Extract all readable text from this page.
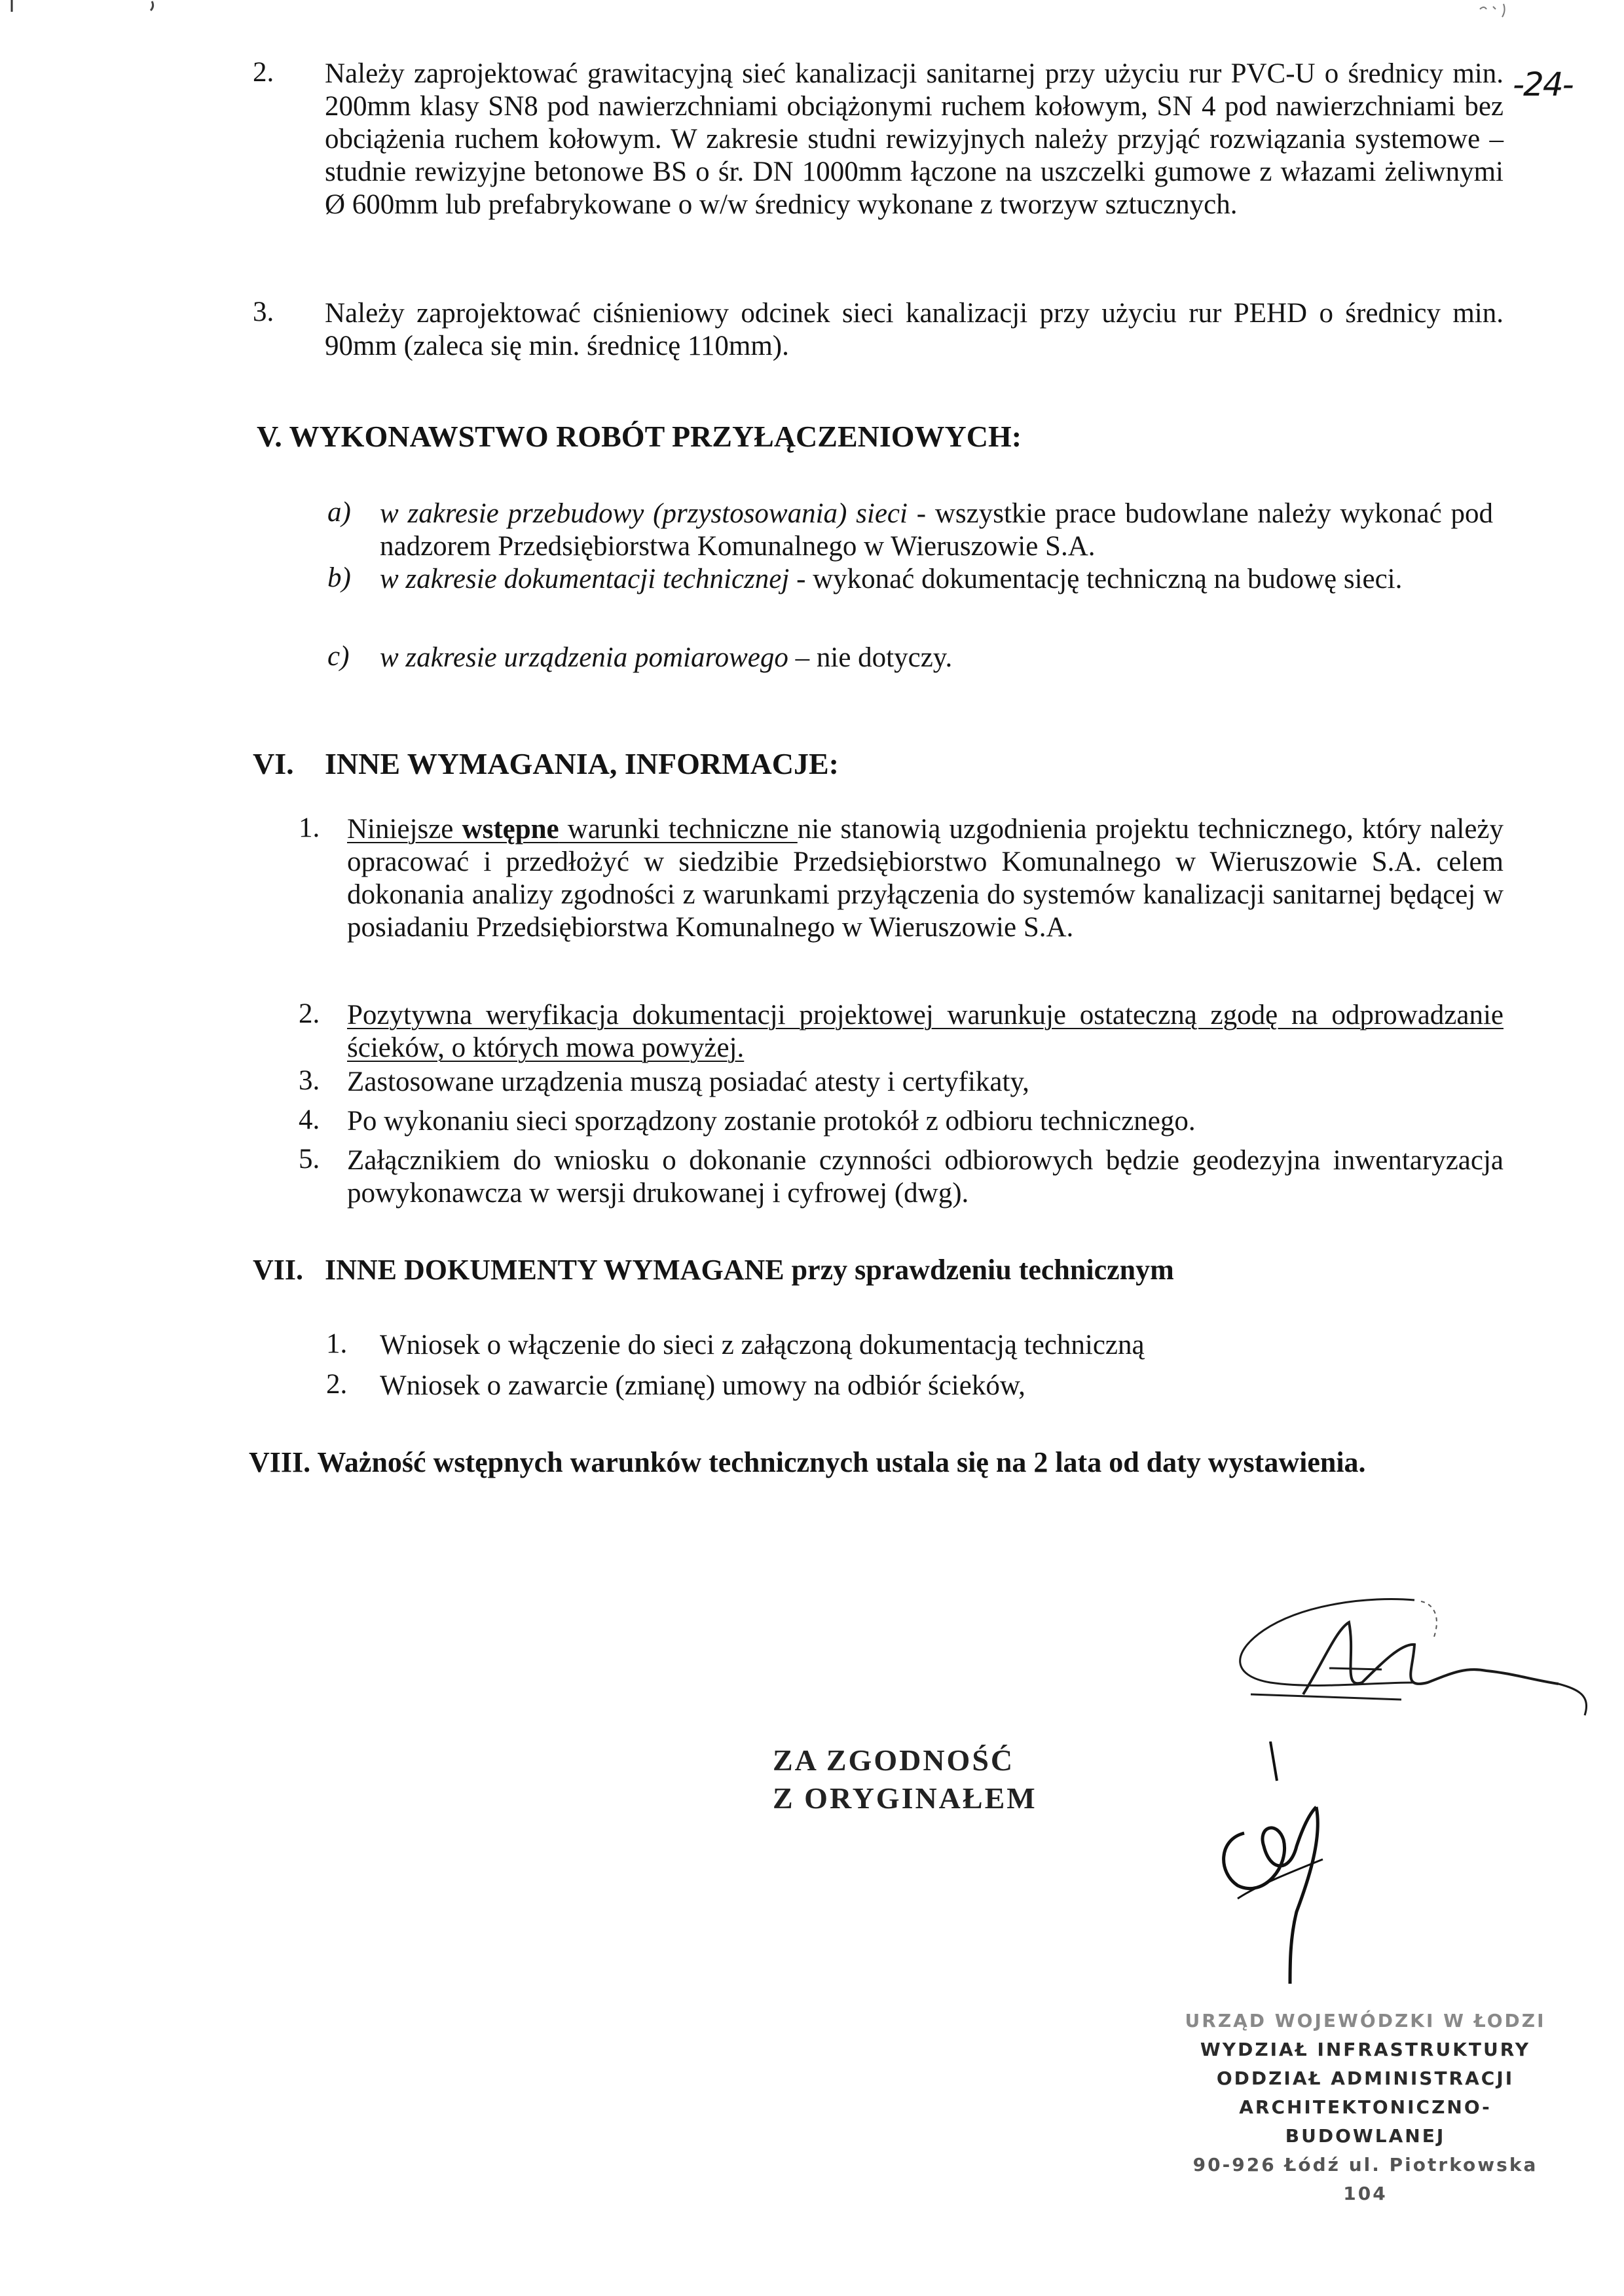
-24-
2. Należy zaprojektować grawitacyjną sieć kanalizacji sanitarnej przy użyciu rur PVC-U o średnicy min. 200mm klasy SN8 pod nawierzchniami obciążonymi ruchem kołowym, SN 4 pod nawierzchniami bez obciążenia ruchem kołowym. W zakresie studni rewizyjnych należy przyjąć rozwiązania systemowe – studnie rewizyjne betonowe BS o śr. DN 1000mm łączone na uszczelki gumowe z włazami żeliwnymi Ø 600mm lub prefabrykowane o w/w średnicy wykonane z tworzyw sztucznych.
3. Należy zaprojektować ciśnieniowy odcinek sieci kanalizacji przy użyciu rur PEHD o średnicy min. 90mm (zaleca się min. średnicę 110mm).
V. WYKONAWSTWO ROBÓT PRZYŁĄCZENIOWYCH:
a) w zakresie przebudowy (przystosowania) sieci - wszystkie prace budowlane należy wykonać pod nadzorem Przedsiębiorstwa Komunalnego w Wieruszowie S.A.
b) w zakresie dokumentacji technicznej - wykonać dokumentację techniczną na budowę sieci.
c) w zakresie urządzenia pomiarowego – nie dotyczy.
VI. INNE WYMAGANIA, INFORMACJE:
1. Niniejsze wstępne warunki techniczne nie stanowią uzgodnienia projektu technicznego, który należy opracować i przedłożyć w siedzibie Przedsiębiorstwo Komunalnego w Wieruszowie S.A. celem dokonania analizy zgodności z warunkami przyłączenia do systemów kanalizacji sanitarnej będącej w posiadaniu Przedsiębiorstwa Komunalnego w Wieruszowie S.A.
2. Pozytywna weryfikacja dokumentacji projektowej warunkuje ostateczną zgodę na odprowadzanie ścieków, o których mowa powyżej.
3. Zastosowane urządzenia muszą posiadać atesty i certyfikaty,
4. Po wykonaniu sieci sporządzony zostanie protokół z odbioru technicznego.
5. Załącznikiem do wniosku o dokonanie czynności odbiorowych będzie geodezyjna inwentaryzacja powykonawcza w wersji drukowanej i cyfrowej (dwg).
VII. INNE DOKUMENTY WYMAGANE przy sprawdzeniu technicznym
1. Wniosek o włączenie do sieci z załączoną dokumentacją techniczną
2. Wniosek o zawarcie (zmianę) umowy na odbiór ścieków,
VIII. Ważność wstępnych warunków technicznych ustala się na 2 lata od daty wystawienia.
ZA ZGODNOŚĆ
Z ORYGINAŁEM
URZĄD WOJEWÓDZKI W ŁODZI
WYDZIAŁ INFRASTRUKTURY
ODDZIAŁ ADMINISTRACJI
ARCHITEKTONICZNO-BUDOWLANEJ
90-926 Łódź ul. Piotrkowska 104
